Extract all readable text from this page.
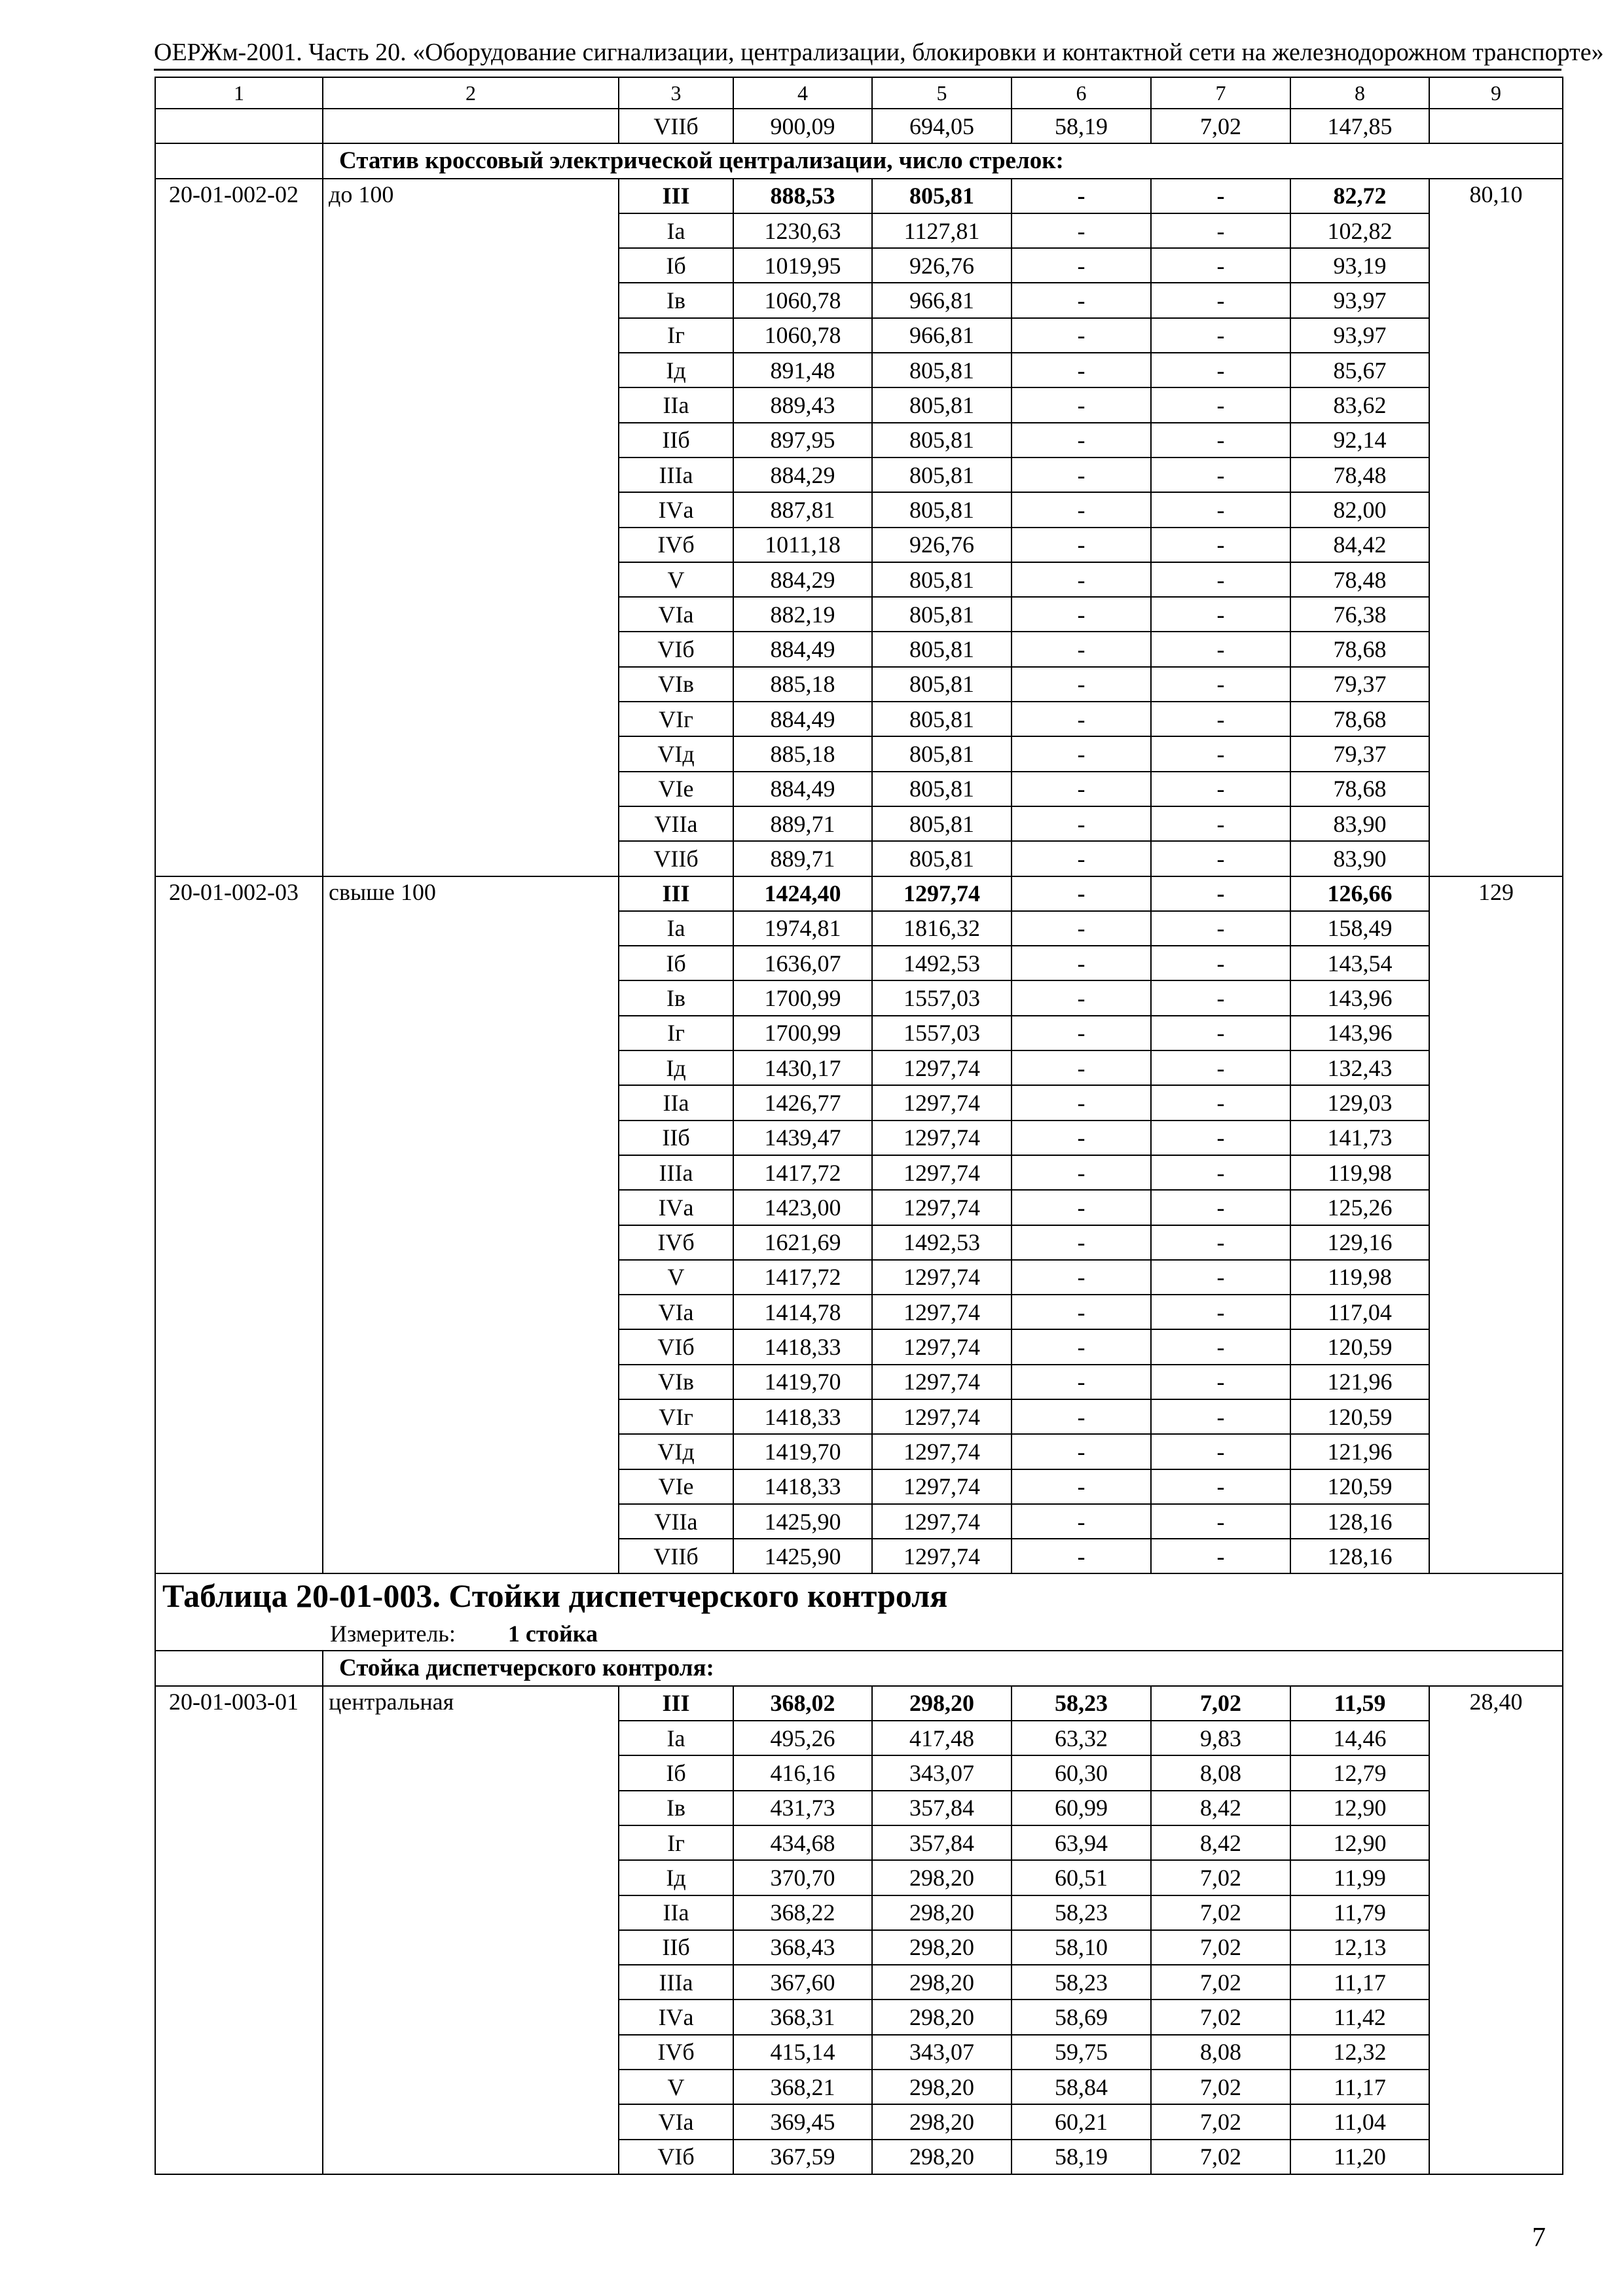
ОЕРЖм-2001. Часть 20. «Оборудование сигнализации, централизации, блокировки и контактной сети на железнодорожном транспорте»
1	2	3	4	5	6	7	8	9
		VIIб	900,09	694,05	58,19	7,02	147,85	
	Статив кроссовый электрической централизации, число стрелок:							
20-01-002-02	до 100	III	888,53	805,81	-	-	82,72	80,10
		Iа	1230,63	1127,81	-	-	102,82	
		Iб	1019,95	926,76	-	-	93,19	
		Iв	1060,78	966,81	-	-	93,97	
		Iг	1060,78	966,81	-	-	93,97	
		Iд	891,48	805,81	-	-	85,67	
		IIа	889,43	805,81	-	-	83,62	
		IIб	897,95	805,81	-	-	92,14	
		IIIа	884,29	805,81	-	-	78,48	
		IVа	887,81	805,81	-	-	82,00	
		IVб	1011,18	926,76	-	-	84,42	
		V	884,29	805,81	-	-	78,48	
		VIа	882,19	805,81	-	-	76,38	
		VIб	884,49	805,81	-	-	78,68	
		VIв	885,18	805,81	-	-	79,37	
		VIг	884,49	805,81	-	-	78,68	
		VIд	885,18	805,81	-	-	79,37	
		VIе	884,49	805,81	-	-	78,68	
		VIIа	889,71	805,81	-	-	83,90	
		VIIб	889,71	805,81	-	-	83,90	
20-01-002-03	свыше 100	III	1424,40	1297,74	-	-	126,66	129
		Iа	1974,81	1816,32	-	-	158,49	
		Iб	1636,07	1492,53	-	-	143,54	
		Iв	1700,99	1557,03	-	-	143,96	
		Iг	1700,99	1557,03	-	-	143,96	
		Iд	1430,17	1297,74	-	-	132,43	
		IIа	1426,77	1297,74	-	-	129,03	
		IIб	1439,47	1297,74	-	-	141,73	
		IIIа	1417,72	1297,74	-	-	119,98	
		IVа	1423,00	1297,74	-	-	125,26	
		IVб	1621,69	1492,53	-	-	129,16	
		V	1417,72	1297,74	-	-	119,98	
		VIа	1414,78	1297,74	-	-	117,04	
		VIб	1418,33	1297,74	-	-	120,59	
		VIв	1419,70	1297,74	-	-	121,96	
		VIг	1418,33	1297,74	-	-	120,59	
		VIд	1419,70	1297,74	-	-	121,96	
		VIе	1418,33	1297,74	-	-	120,59	
		VIIа	1425,90	1297,74	-	-	128,16	
		VIIб	1425,90	1297,74	-	-	128,16	
Таблица 20-01-003. Стойки диспетчерского контроля								
Измеритель: 1 стойка								
	Стойка диспетчерского контроля:							
20-01-003-01	центральная	III	368,02	298,20	58,23	7,02	11,59	28,40
		Iа	495,26	417,48	63,32	9,83	14,46	
		Iб	416,16	343,07	60,30	8,08	12,79	
		Iв	431,73	357,84	60,99	8,42	12,90	
		Iг	434,68	357,84	63,94	8,42	12,90	
		Iд	370,70	298,20	60,51	7,02	11,99	
		IIа	368,22	298,20	58,23	7,02	11,79	
		IIб	368,43	298,20	58,10	7,02	12,13	
		IIIа	367,60	298,20	58,23	7,02	11,17	
		IVа	368,31	298,20	58,69	7,02	11,42	
		IVб	415,14	343,07	59,75	8,08	12,32	
		V	368,21	298,20	58,84	7,02	11,17	
		VIа	369,45	298,20	60,21	7,02	11,04	
		VIб	367,59	298,20	58,19	7,02	11,20	
7
